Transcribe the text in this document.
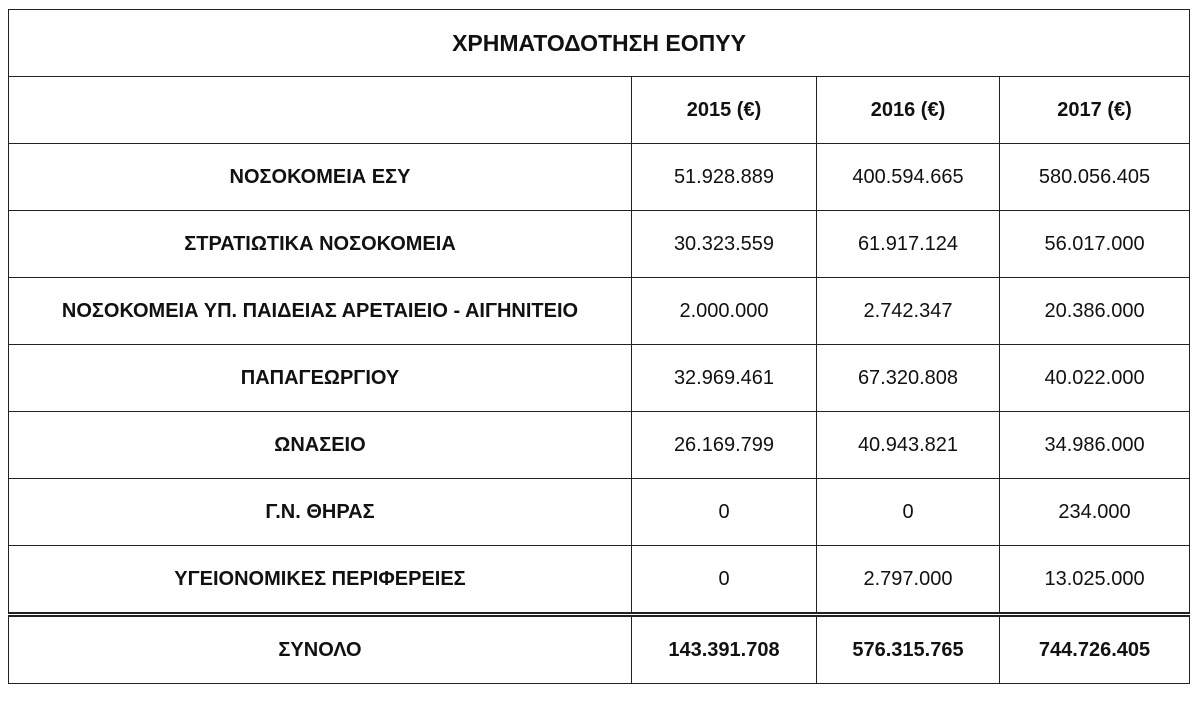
ΧΡΗΜΑΤΟΔΟΤΗΣΗ ΕΟΠΥΥ			
	2015 (€)	2016 (€)	2017 (€)
ΝΟΣΟΚΟΜΕΙΑ ΕΣΥ	51.928.889	400.594.665	580.056.405
ΣΤΡΑΤΙΩΤΙΚΑ ΝΟΣΟΚΟΜΕΙΑ	30.323.559	61.917.124	56.017.000
ΝΟΣΟΚΟΜΕΙΑ ΥΠ. ΠΑΙΔΕΙΑΣ ΑΡΕΤΑΙΕΙΟ - ΑΙΓΗΝΙΤΕΙΟ	2.000.000	2.742.347	20.386.000
ΠΑΠΑΓΕΩΡΓΙΟΥ	32.969.461	67.320.808	40.022.000
ΩΝΑΣΕΙΟ	26.169.799	40.943.821	34.986.000
Γ.Ν. ΘΗΡΑΣ	0	0	234.000
ΥΓΕΙΟΝΟΜΙΚΕΣ ΠΕΡΙΦΕΡΕΙΕΣ	0	2.797.000	13.025.000
ΣΥΝΟΛΟ	143.391.708	576.315.765	744.726.405
